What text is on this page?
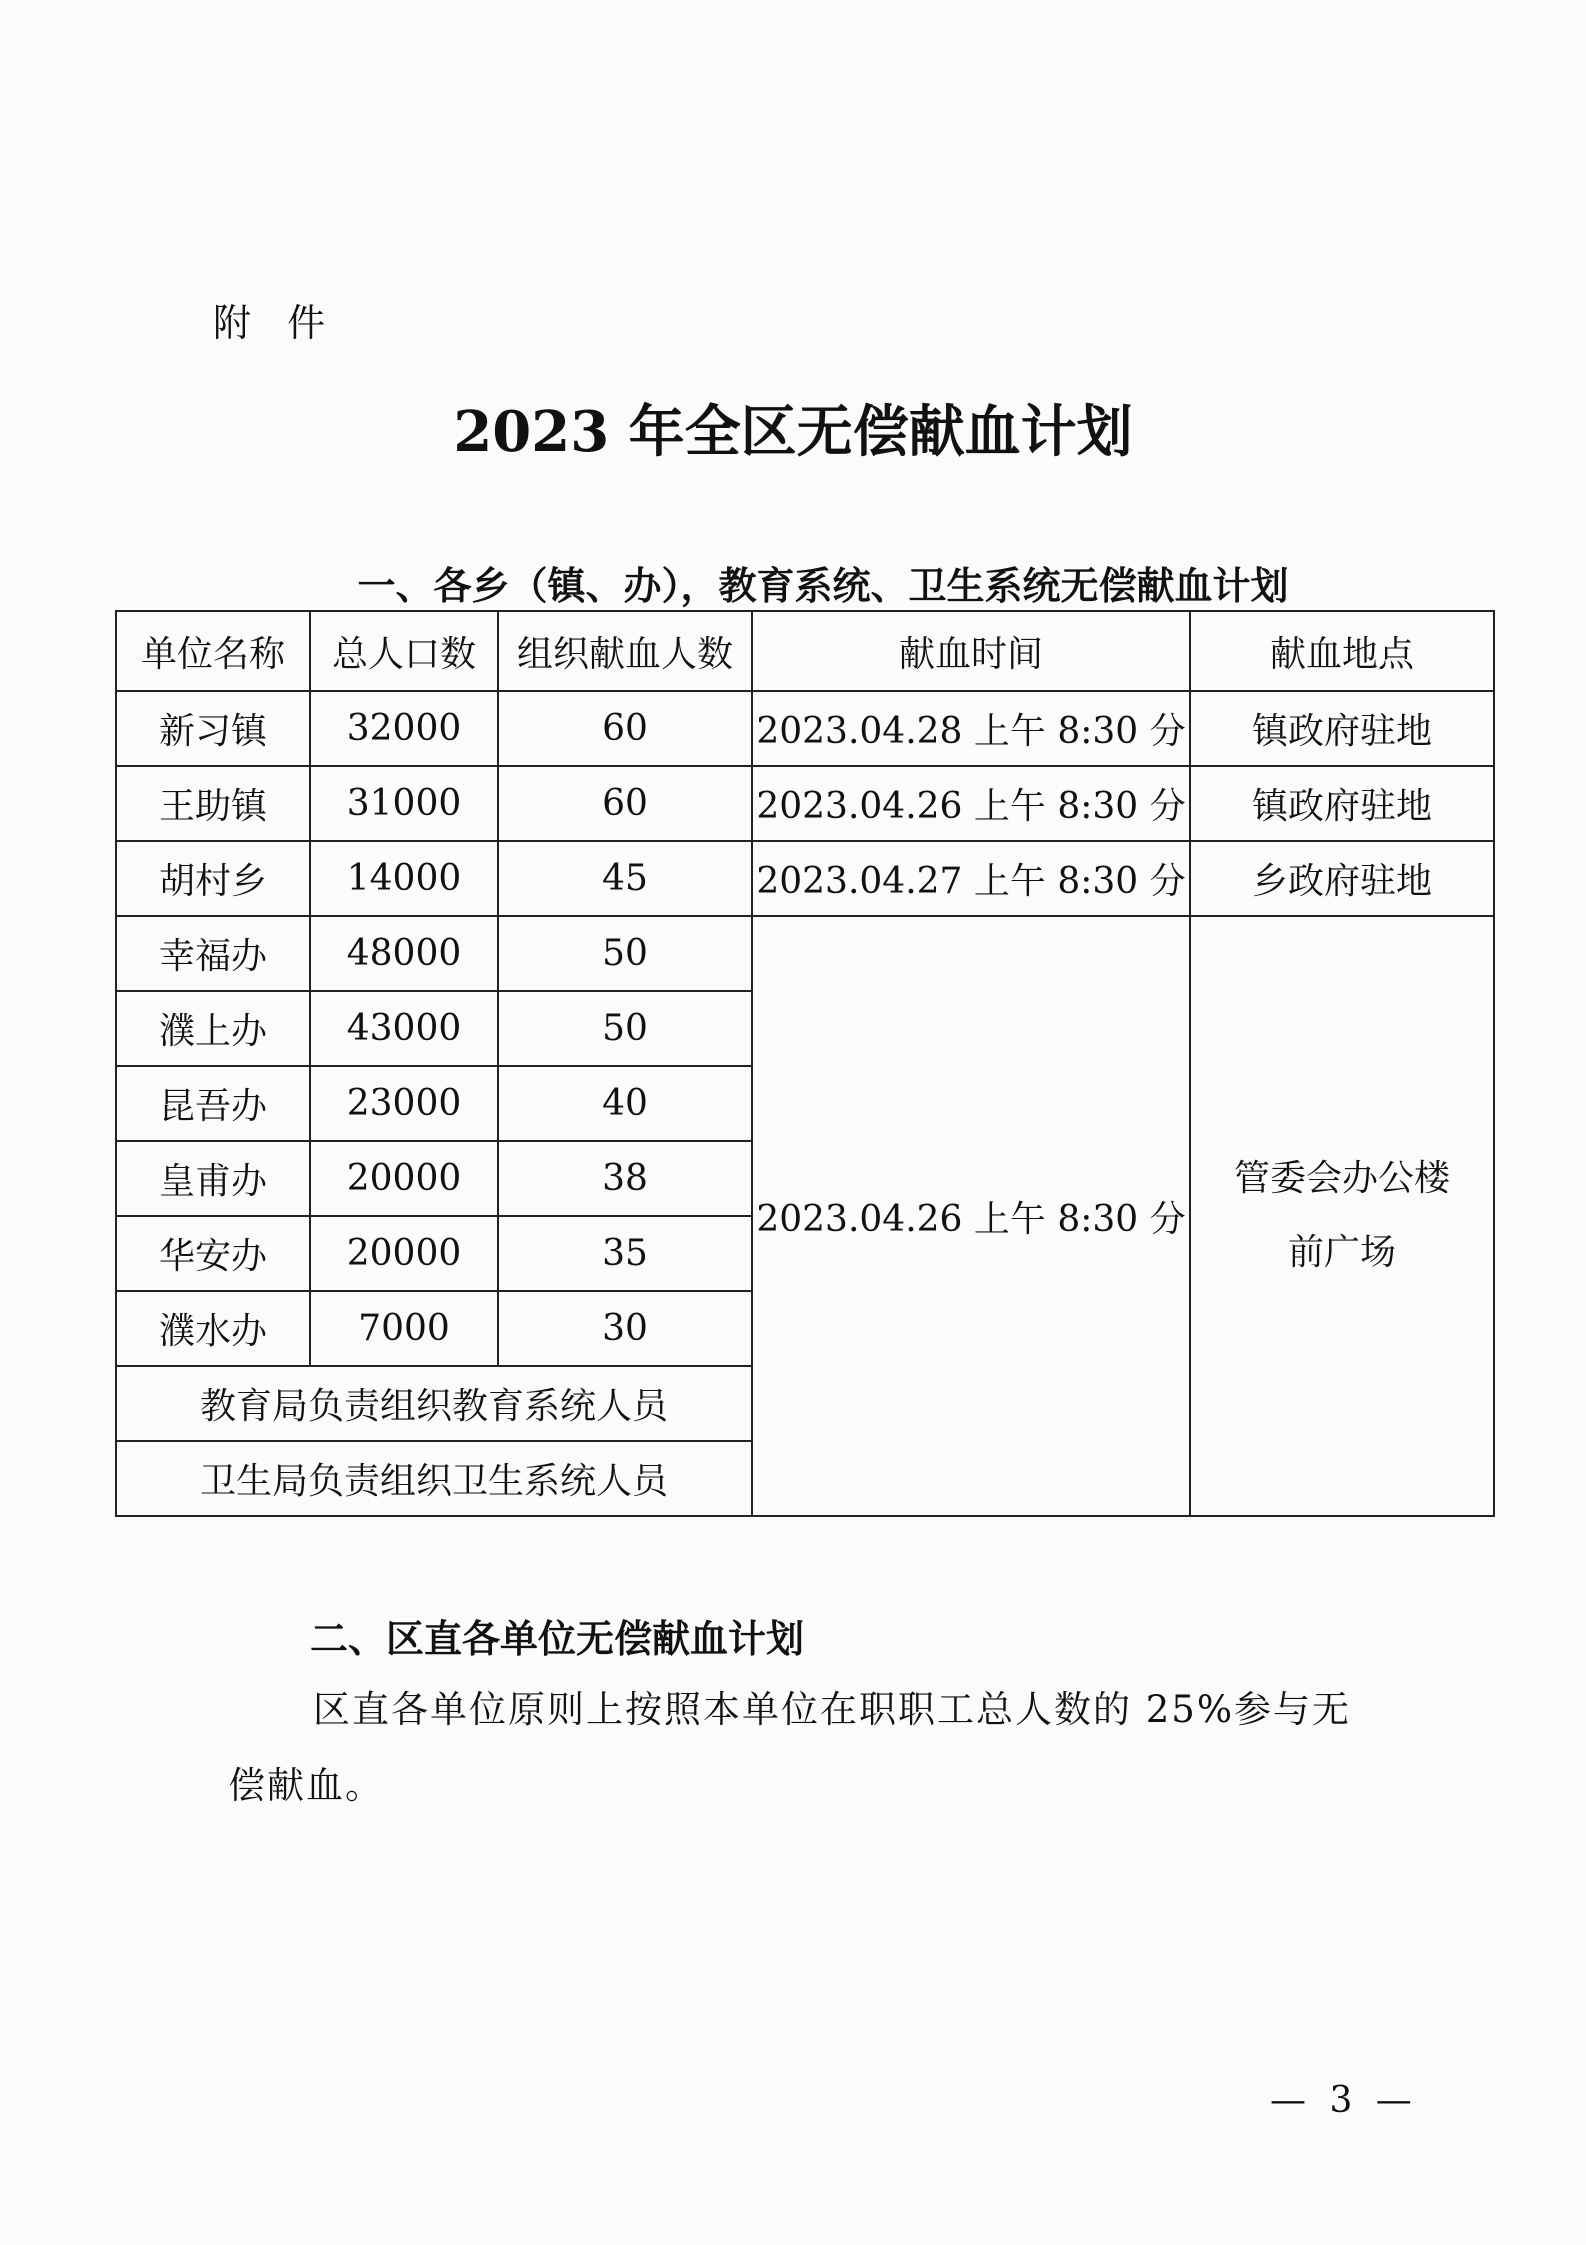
附 件
2023 年全区无偿献血计划
一、各乡（镇、办），教育系统、卫生系统无偿献血计划
单位名称	总人口数	组织献血人数	献血时间	献血地点
新习镇	32000	60	2023.04.28 上午 8:30 分	镇政府驻地
王助镇	31000	60	2023.04.26 上午 8:30 分	镇政府驻地
胡村乡	14000	45	2023.04.27 上午 8:30 分	乡政府驻地
幸福办	48000	50	2023.04.26 上午 8:30 分	管委会办公楼
前广场
濮上办	43000	50		
昆吾办	23000	40		
皇甫办	20000	38		
华安办	20000	35		
濮水办	7000	30		
教育局负责组织教育系统人员				
卫生局负责组织卫生系统人员				
二、区直各单位无偿献血计划
区直各单位原则上按照本单位在职职工总人数的 25%参与无偿献血。
— 3 —
